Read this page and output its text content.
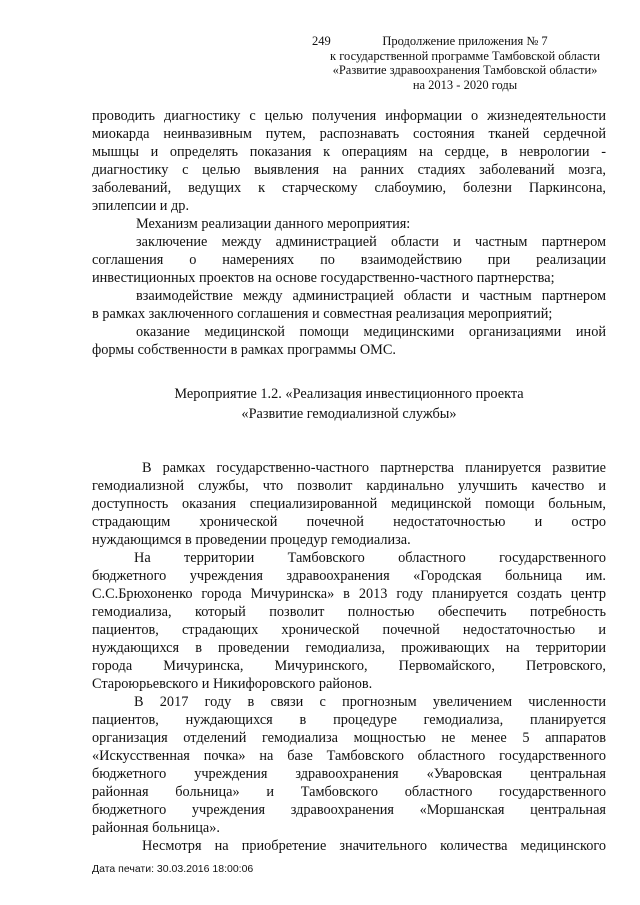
249	Продолжение приложения № 7
к государственной программе Тамбовской области
«Развитие здравоохранения Тамбовской области»
на 2013 - 2020 годы

проводить диагностику с целью получения информации о жизнедеятельности

миокарда неинвазивным путем, распознавать состояния тканей сердечной

мышцы и определять показания к операциям на сердце, в неврологии -

диагностику с целью выявления на ранних стадиях заболеваний мозга,

заболеваний, ведущих к старческому слабоумию, болезни Паркинсона,

эпилепсии и др.

Механизм реализации данного мероприятия:

заключение между администрацией области и частным партнером

соглашения о намерениях по взаимодействию при реализации

инвестиционных проектов на основе государственно-частного партнерства;

взаимодействие между администрацией области и частным партнером

в рамках заключенного соглашения и совместная реализация мероприятий;

оказание медицинской помощи медицинскими организациями иной

формы собственности в рамках программы ОМС.

Мероприятие 1.2. «Реализация инвестиционного проекта
«Развитие гемодиализной службы»

В рамках государственно-частного партнерства планируется развитие

гемодиализной службы, что позволит кардинально улучшить качество и

доступность оказания специализированной медицинской помощи больным,

страдающим хронической почечной недостаточностью и остро

нуждающимся в проведении процедур гемодиализа.

На территории Тамбовского областного государственного

бюджетного учреждения здравоохранения «Городская больница им.

С.С.Брюхоненко города Мичуринска» в 2013 году планируется создать центр

гемодиализа, который позволит полностью обеспечить потребность

пациентов, страдающих хронической почечной недостаточностью и

нуждающихся в проведении гемодиализа, проживающих на территории

города Мичуринска, Мичуринского, Первомайского, Петровского,

Староюрьевского и Никифоровского районов.

В 2017 году в связи с прогнозным увеличением численности

пациентов, нуждающихся в процедуре гемодиализа, планируется

организация отделений гемодиализа мощностью не менее 5 аппаратов

«Искусственная почка» на базе Тамбовского областного государственного

бюджетного учреждения здравоохранения «Уваровская центральная

районная больница» и Тамбовского областного государственного

бюджетного учреждения здравоохранения «Моршанская центральная

районная больница».

Несмотря на приобретение значительного количества медицинского

Дата печати: 30.03.2016 18:00:06
